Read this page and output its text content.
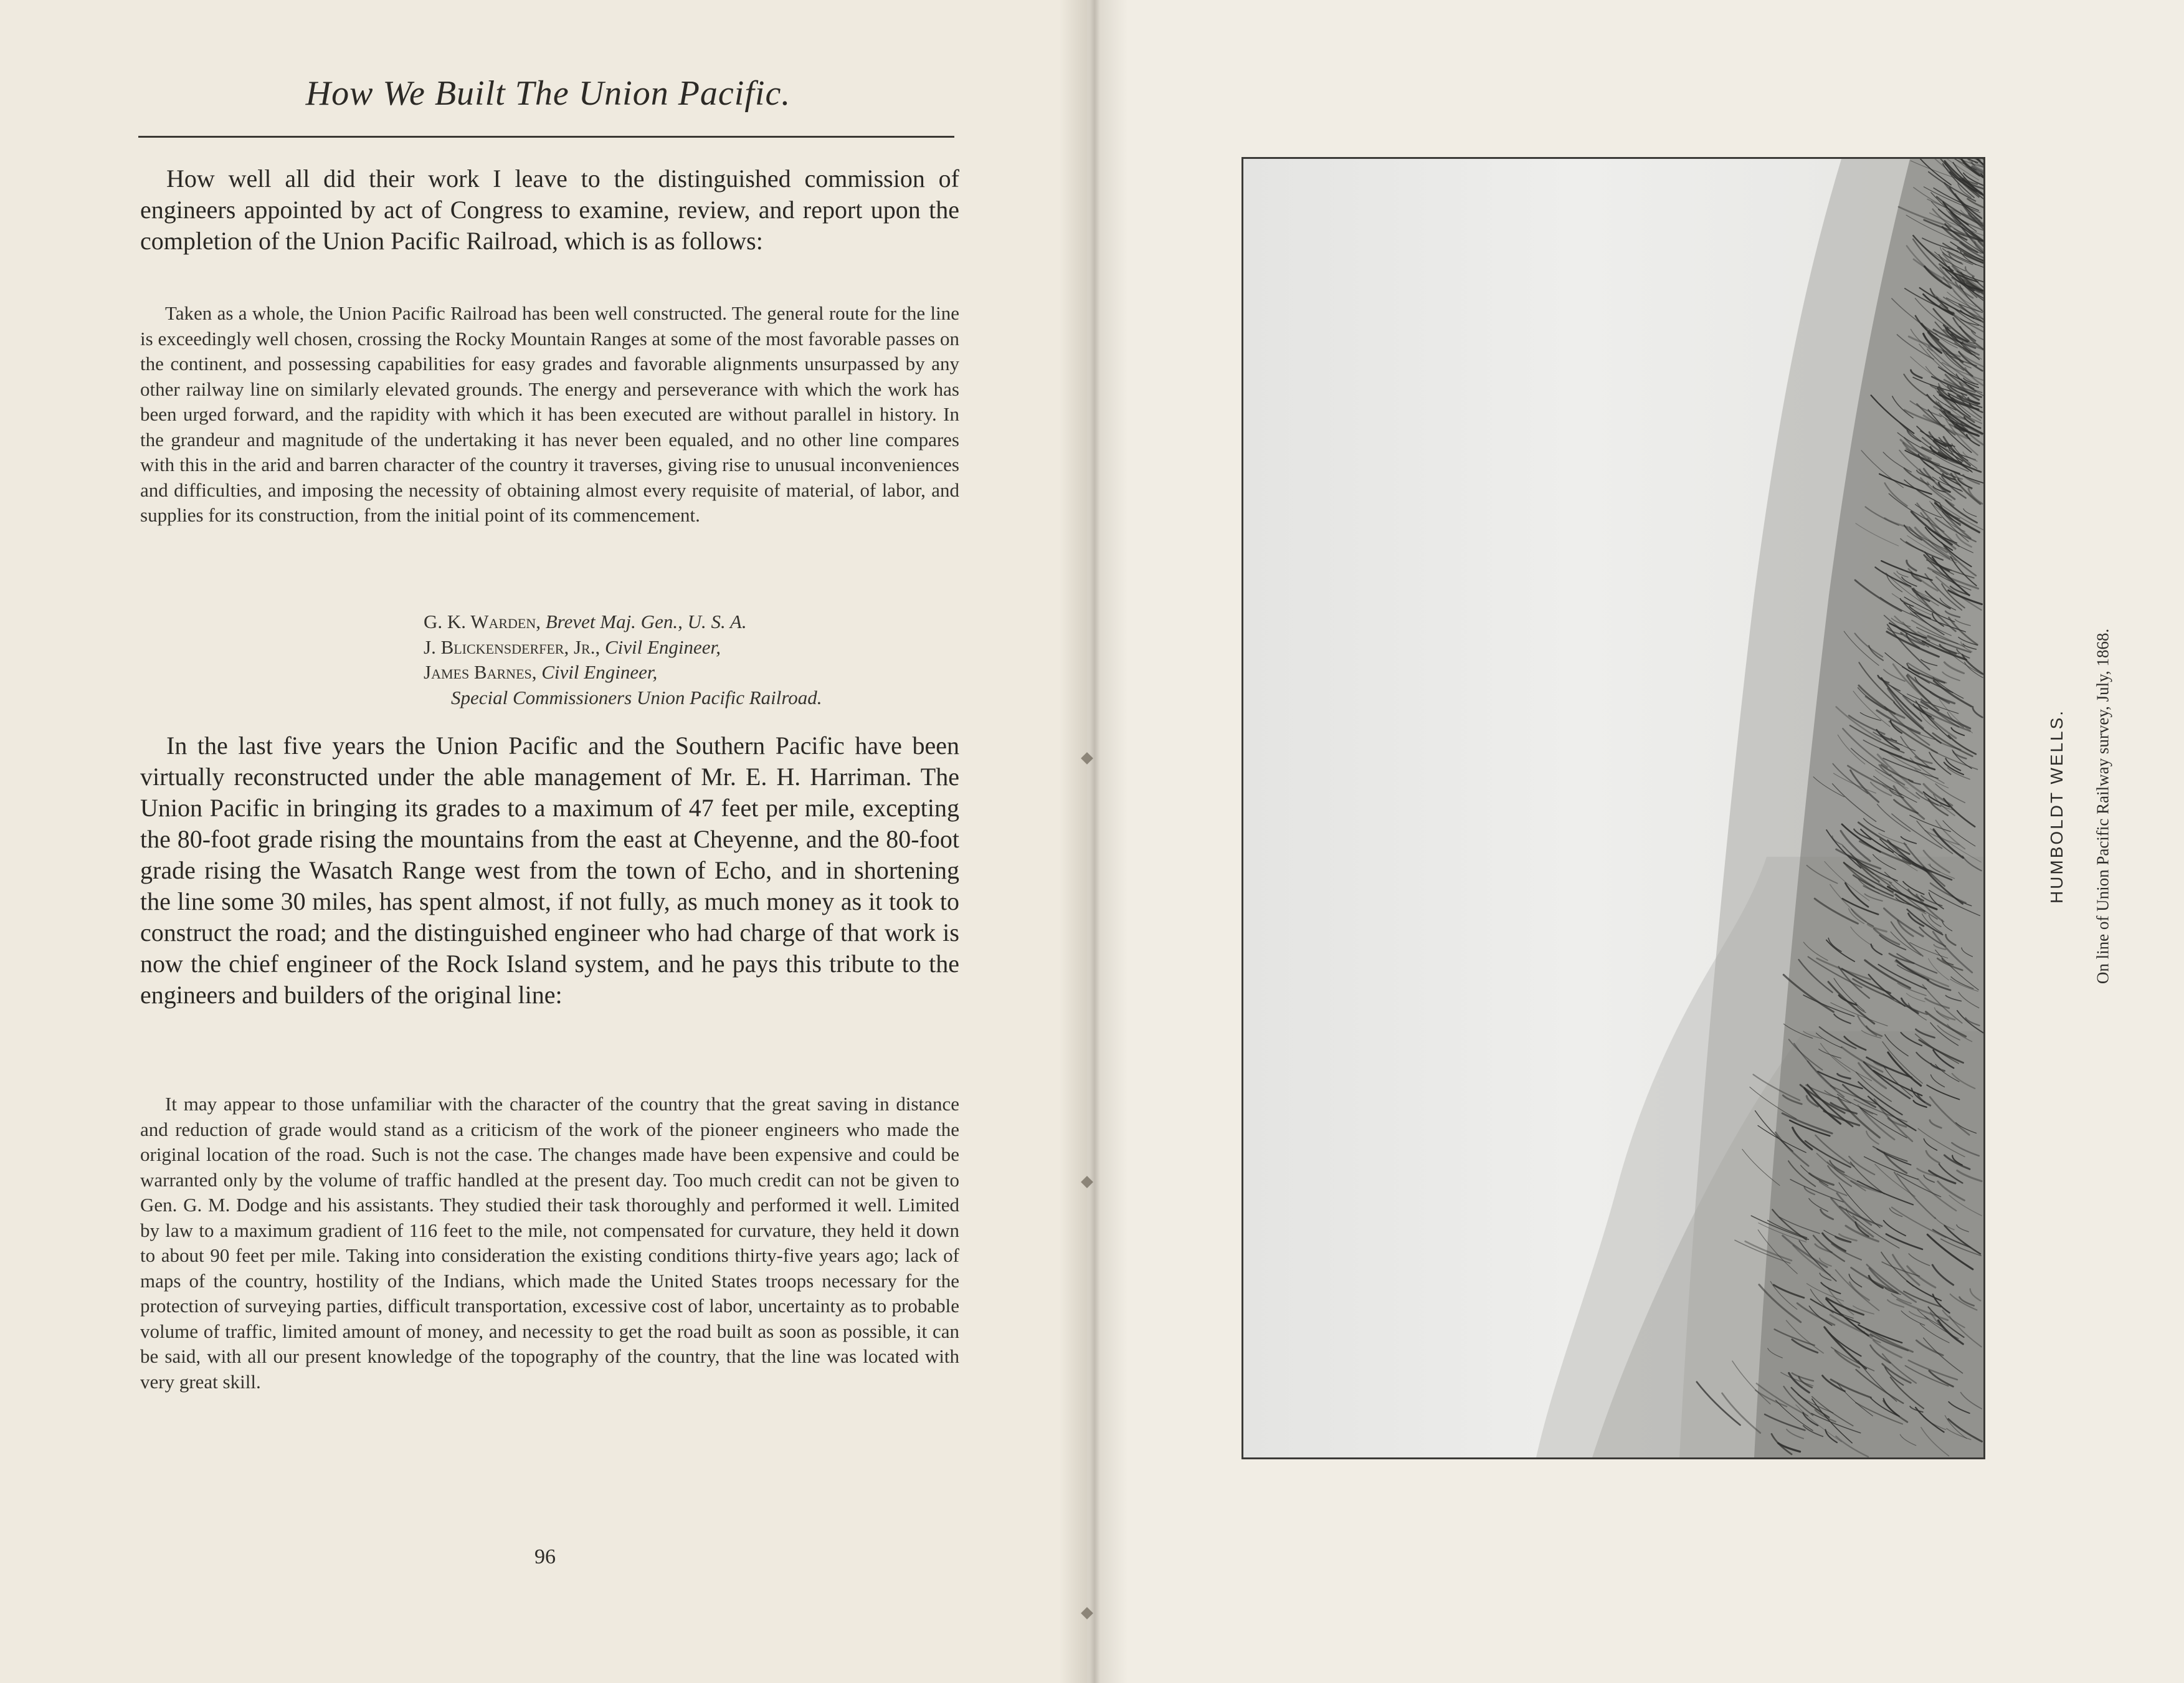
How We Built The Union Pacific.
How well all did their work I leave to the distinguished commission of engineers appointed by act of Congress to examine, review, and report upon the completion of the Union Pacific Railroad, which is as follows:
Taken as a whole, the Union Pacific Railroad has been well constructed. The general route for the line is exceedingly well chosen, crossing the Rocky Mountain Ranges at some of the most favorable passes on the continent, and possessing capabilities for easy grades and favorable alignments unsurpassed by any other railway line on similarly elevated grounds. The energy and perseverance with which the work has been urged forward, and the rapidity with which it has been executed are without parallel in history. In the grandeur and magnitude of the undertaking it has never been equaled, and no other line compares with this in the arid and barren character of the country it traverses, giving rise to unusual inconveniences and difficulties, and imposing the necessity of obtaining almost every requisite of material, of labor, and supplies for its construction, from the initial point of its commencement.
G. K. Warden, Brevet Maj. Gen., U. S. A.
J. Blickensderfer, Jr., Civil Engineer,
James Barnes, Civil Engineer,
Special Commissioners Union Pacific Railroad.
In the last five years the Union Pacific and the Southern Pacific have been virtually reconstructed under the able management of Mr. E. H. Harriman. The Union Pacific in bringing its grades to a maximum of 47 feet per mile, excepting the 80-foot grade rising the mountains from the east at Cheyenne, and the 80-foot grade rising the Wasatch Range west from the town of Echo, and in shortening the line some 30 miles, has spent almost, if not fully, as much money as it took to construct the road; and the distinguished engineer who had charge of that work is now the chief engineer of the Rock Island system, and he pays this tribute to the engineers and builders of the original line:
It may appear to those unfamiliar with the character of the country that the great saving in distance and reduction of grade would stand as a criticism of the work of the pioneer engineers who made the original location of the road. Such is not the case. The changes made have been expensive and could be warranted only by the volume of traffic handled at the present day. Too much credit can not be given to Gen. G. M. Dodge and his assistants. They studied their task thoroughly and performed it well. Limited by law to a maximum gradient of 116 feet to the mile, not compensated for curvature, they held it down to about 90 feet per mile. Taking into consideration the existing conditions thirty-five years ago; lack of maps of the country, hostility of the Indians, which made the United States troops necessary for the protection of surveying parties, difficult transportation, excessive cost of labor, uncertainty as to probable volume of traffic, limited amount of money, and necessity to get the road built as soon as possible, it can be said, with all our present knowledge of the topography of the country, that the line was located with very great skill.
96
HUMBOLDT WELLS. On line of Union Pacific Railway survey, July, 1868.
